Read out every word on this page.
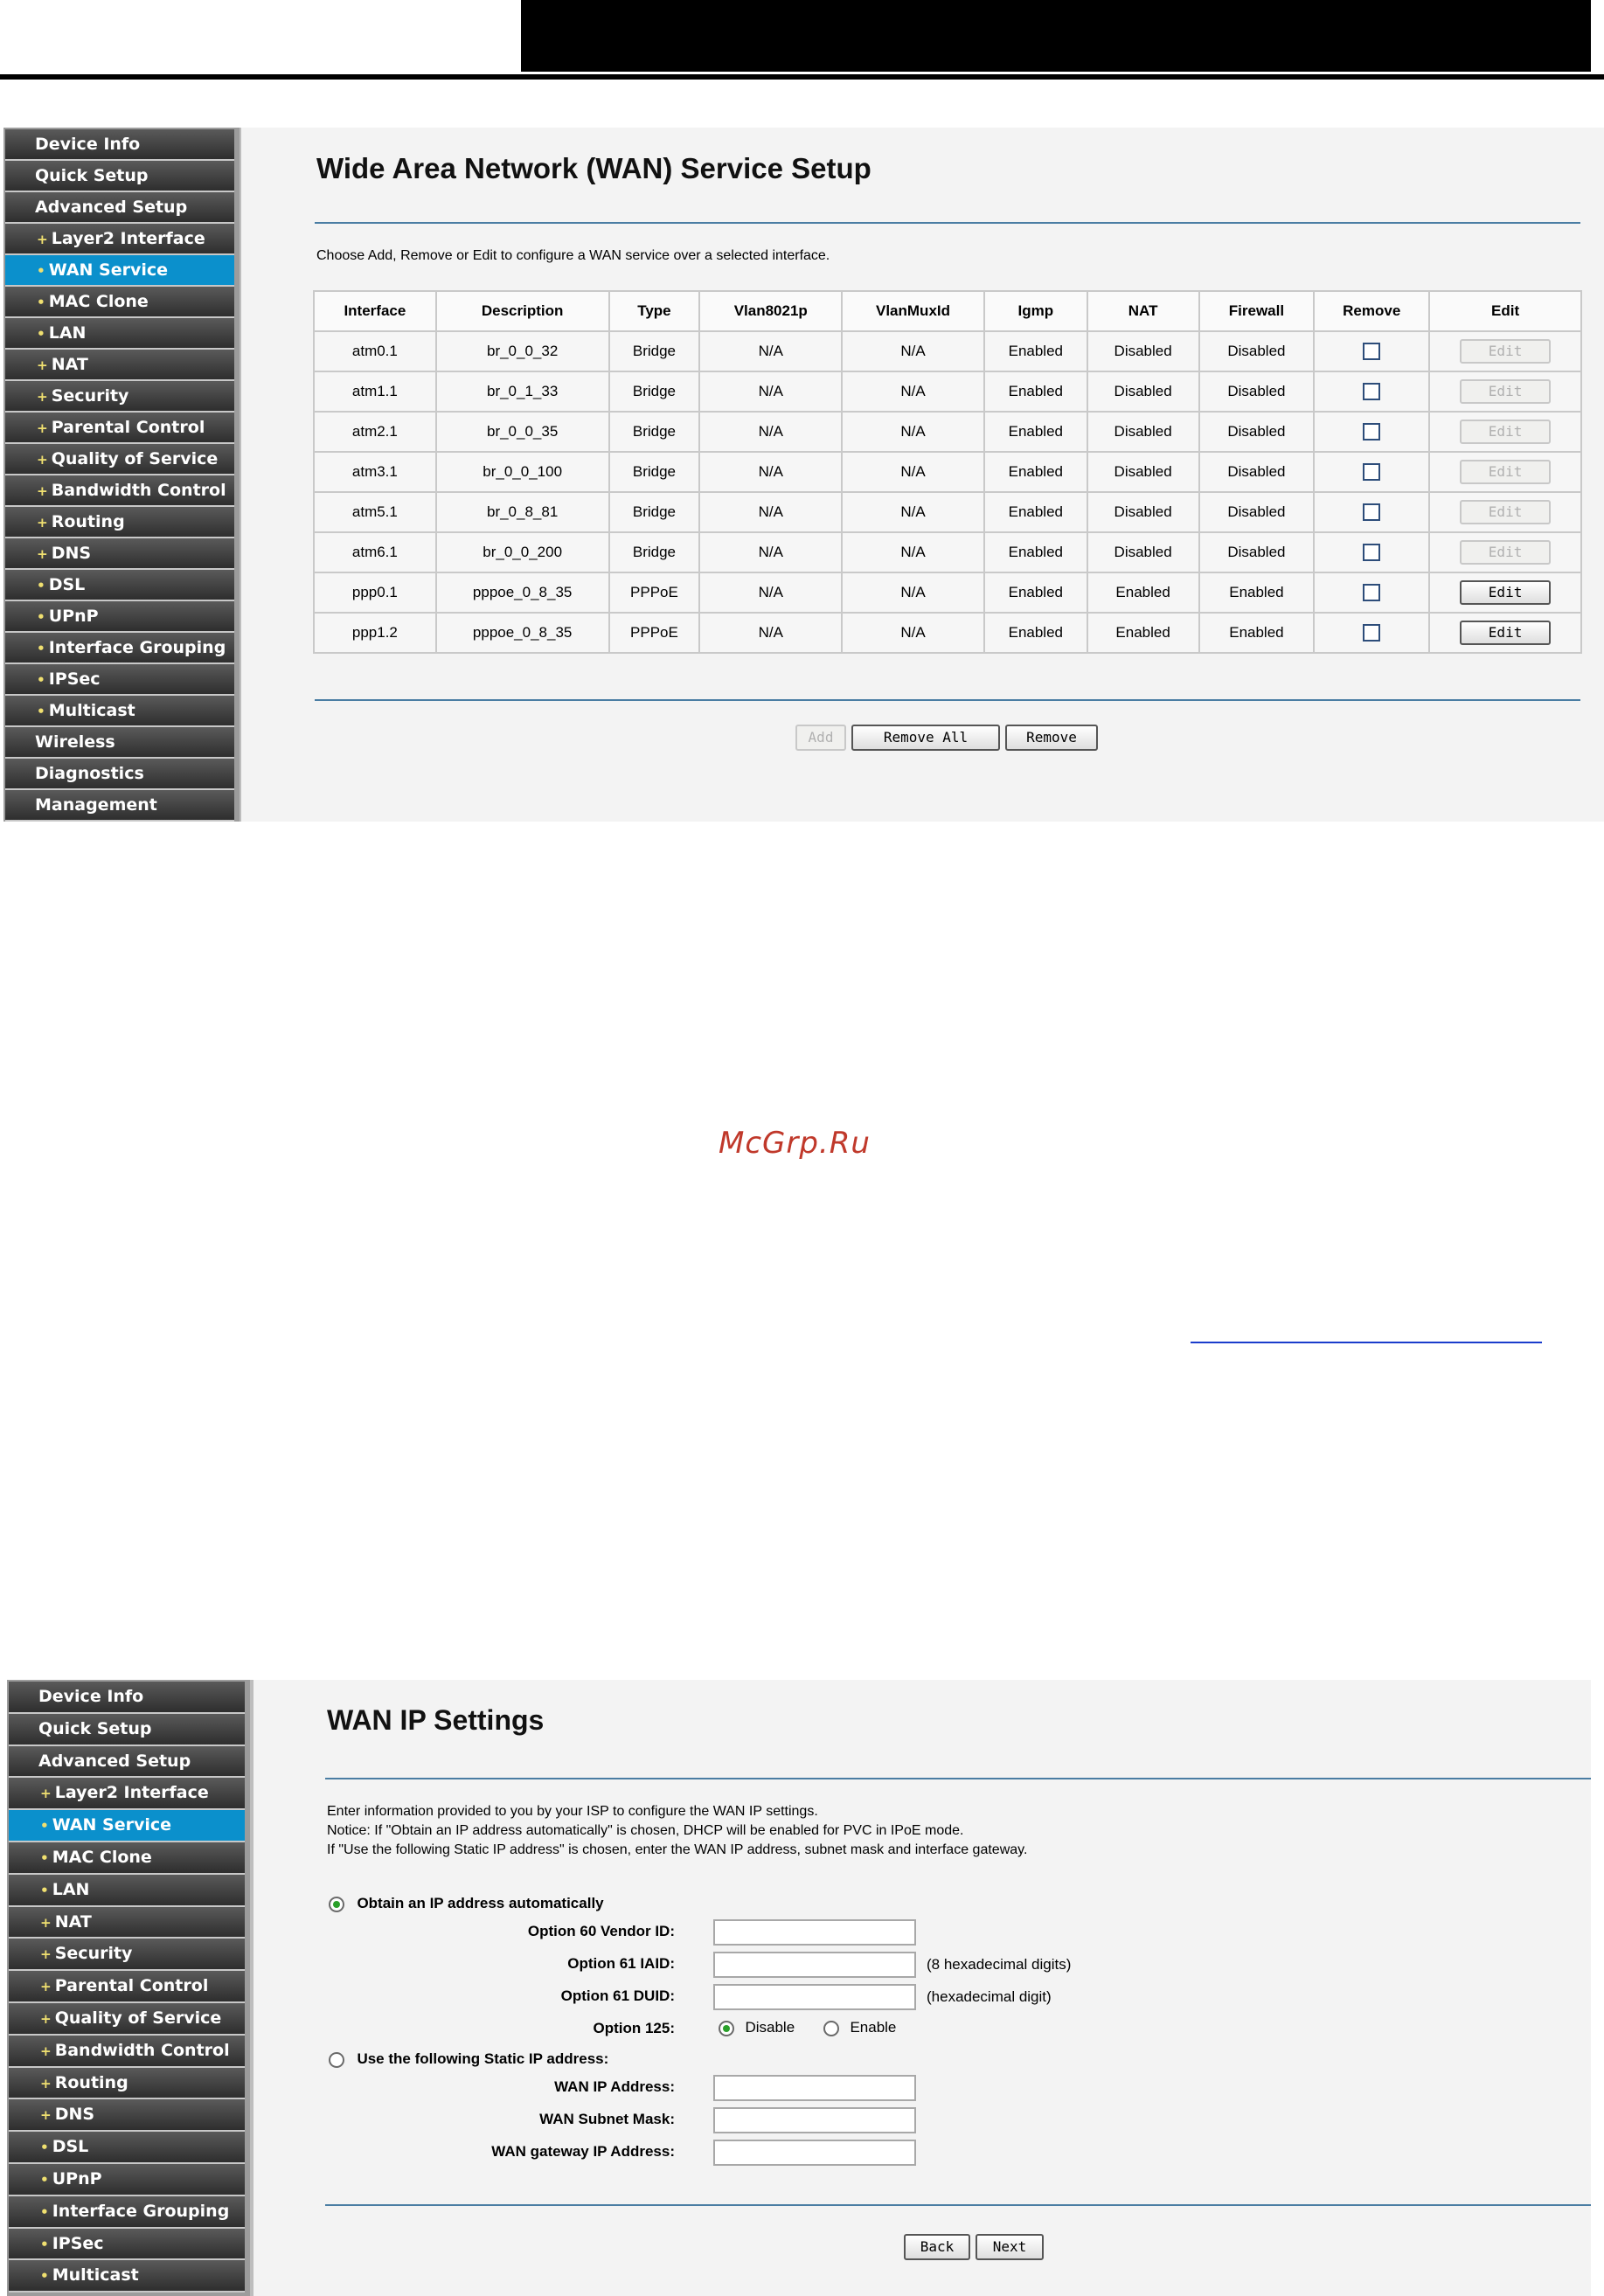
Device Info
Quick Setup
Advanced Setup
+ Layer2 Interface
• WAN Service
• MAC Clone
• LAN
+ NAT
+ Security
+ Parental Control
+ Quality of Service
+ Bandwidth Control
+ Routing
+ DNS
• DSL
• UPnP
• Interface Grouping
• IPSec
• Multicast
Wireless
Diagnostics
Management
Wide Area Network (WAN) Service Setup
Choose Add, Remove or Edit to configure a WAN service over a selected interface.
Interface	Description	Type	Vlan8021p	VlanMuxId	Igmp	NAT	Firewall	Remove	Edit
atm0.1	br_0_0_32	Bridge	N/A	N/A	Enabled	Disabled	Disabled		Edit
atm1.1	br_0_1_33	Bridge	N/A	N/A	Enabled	Disabled	Disabled		Edit
atm2.1	br_0_0_35	Bridge	N/A	N/A	Enabled	Disabled	Disabled		Edit
atm3.1	br_0_0_100	Bridge	N/A	N/A	Enabled	Disabled	Disabled		Edit
atm5.1	br_0_8_81	Bridge	N/A	N/A	Enabled	Disabled	Disabled		Edit
atm6.1	br_0_0_200	Bridge	N/A	N/A	Enabled	Disabled	Disabled		Edit
ppp0.1	pppoe_0_8_35	PPPoE	N/A	N/A	Enabled	Enabled	Enabled		Edit
ppp1.2	pppoe_0_8_35	PPPoE	N/A	N/A	Enabled	Enabled	Enabled		Edit
Add	Remove All	Remove
McGrp.Ru
Device Info
Quick Setup
Advanced Setup
+ Layer2 Interface
• WAN Service
• MAC Clone
• LAN
+ NAT
+ Security
+ Parental Control
+ Quality of Service
+ Bandwidth Control
+ Routing
+ DNS
• DSL
• UPnP
• Interface Grouping
• IPSec
• Multicast
WAN IP Settings
Enter information provided to you by your ISP to configure the WAN IP settings.
Notice: If "Obtain an IP address automatically" is chosen, DHCP will be enabled for PVC in IPoE mode.
If "Use the following Static IP address" is chosen, enter the WAN IP address, subnet mask and interface gateway.
Obtain an IP address automatically
Option 60 Vendor ID:
Option 61 IAID:	(8 hexadecimal digits)
Option 61 DUID:	(hexadecimal digit)
Option 125:	Disable	Enable
Use the following Static IP address:
WAN IP Address:
WAN Subnet Mask:
WAN gateway IP Address:
Back	Next
